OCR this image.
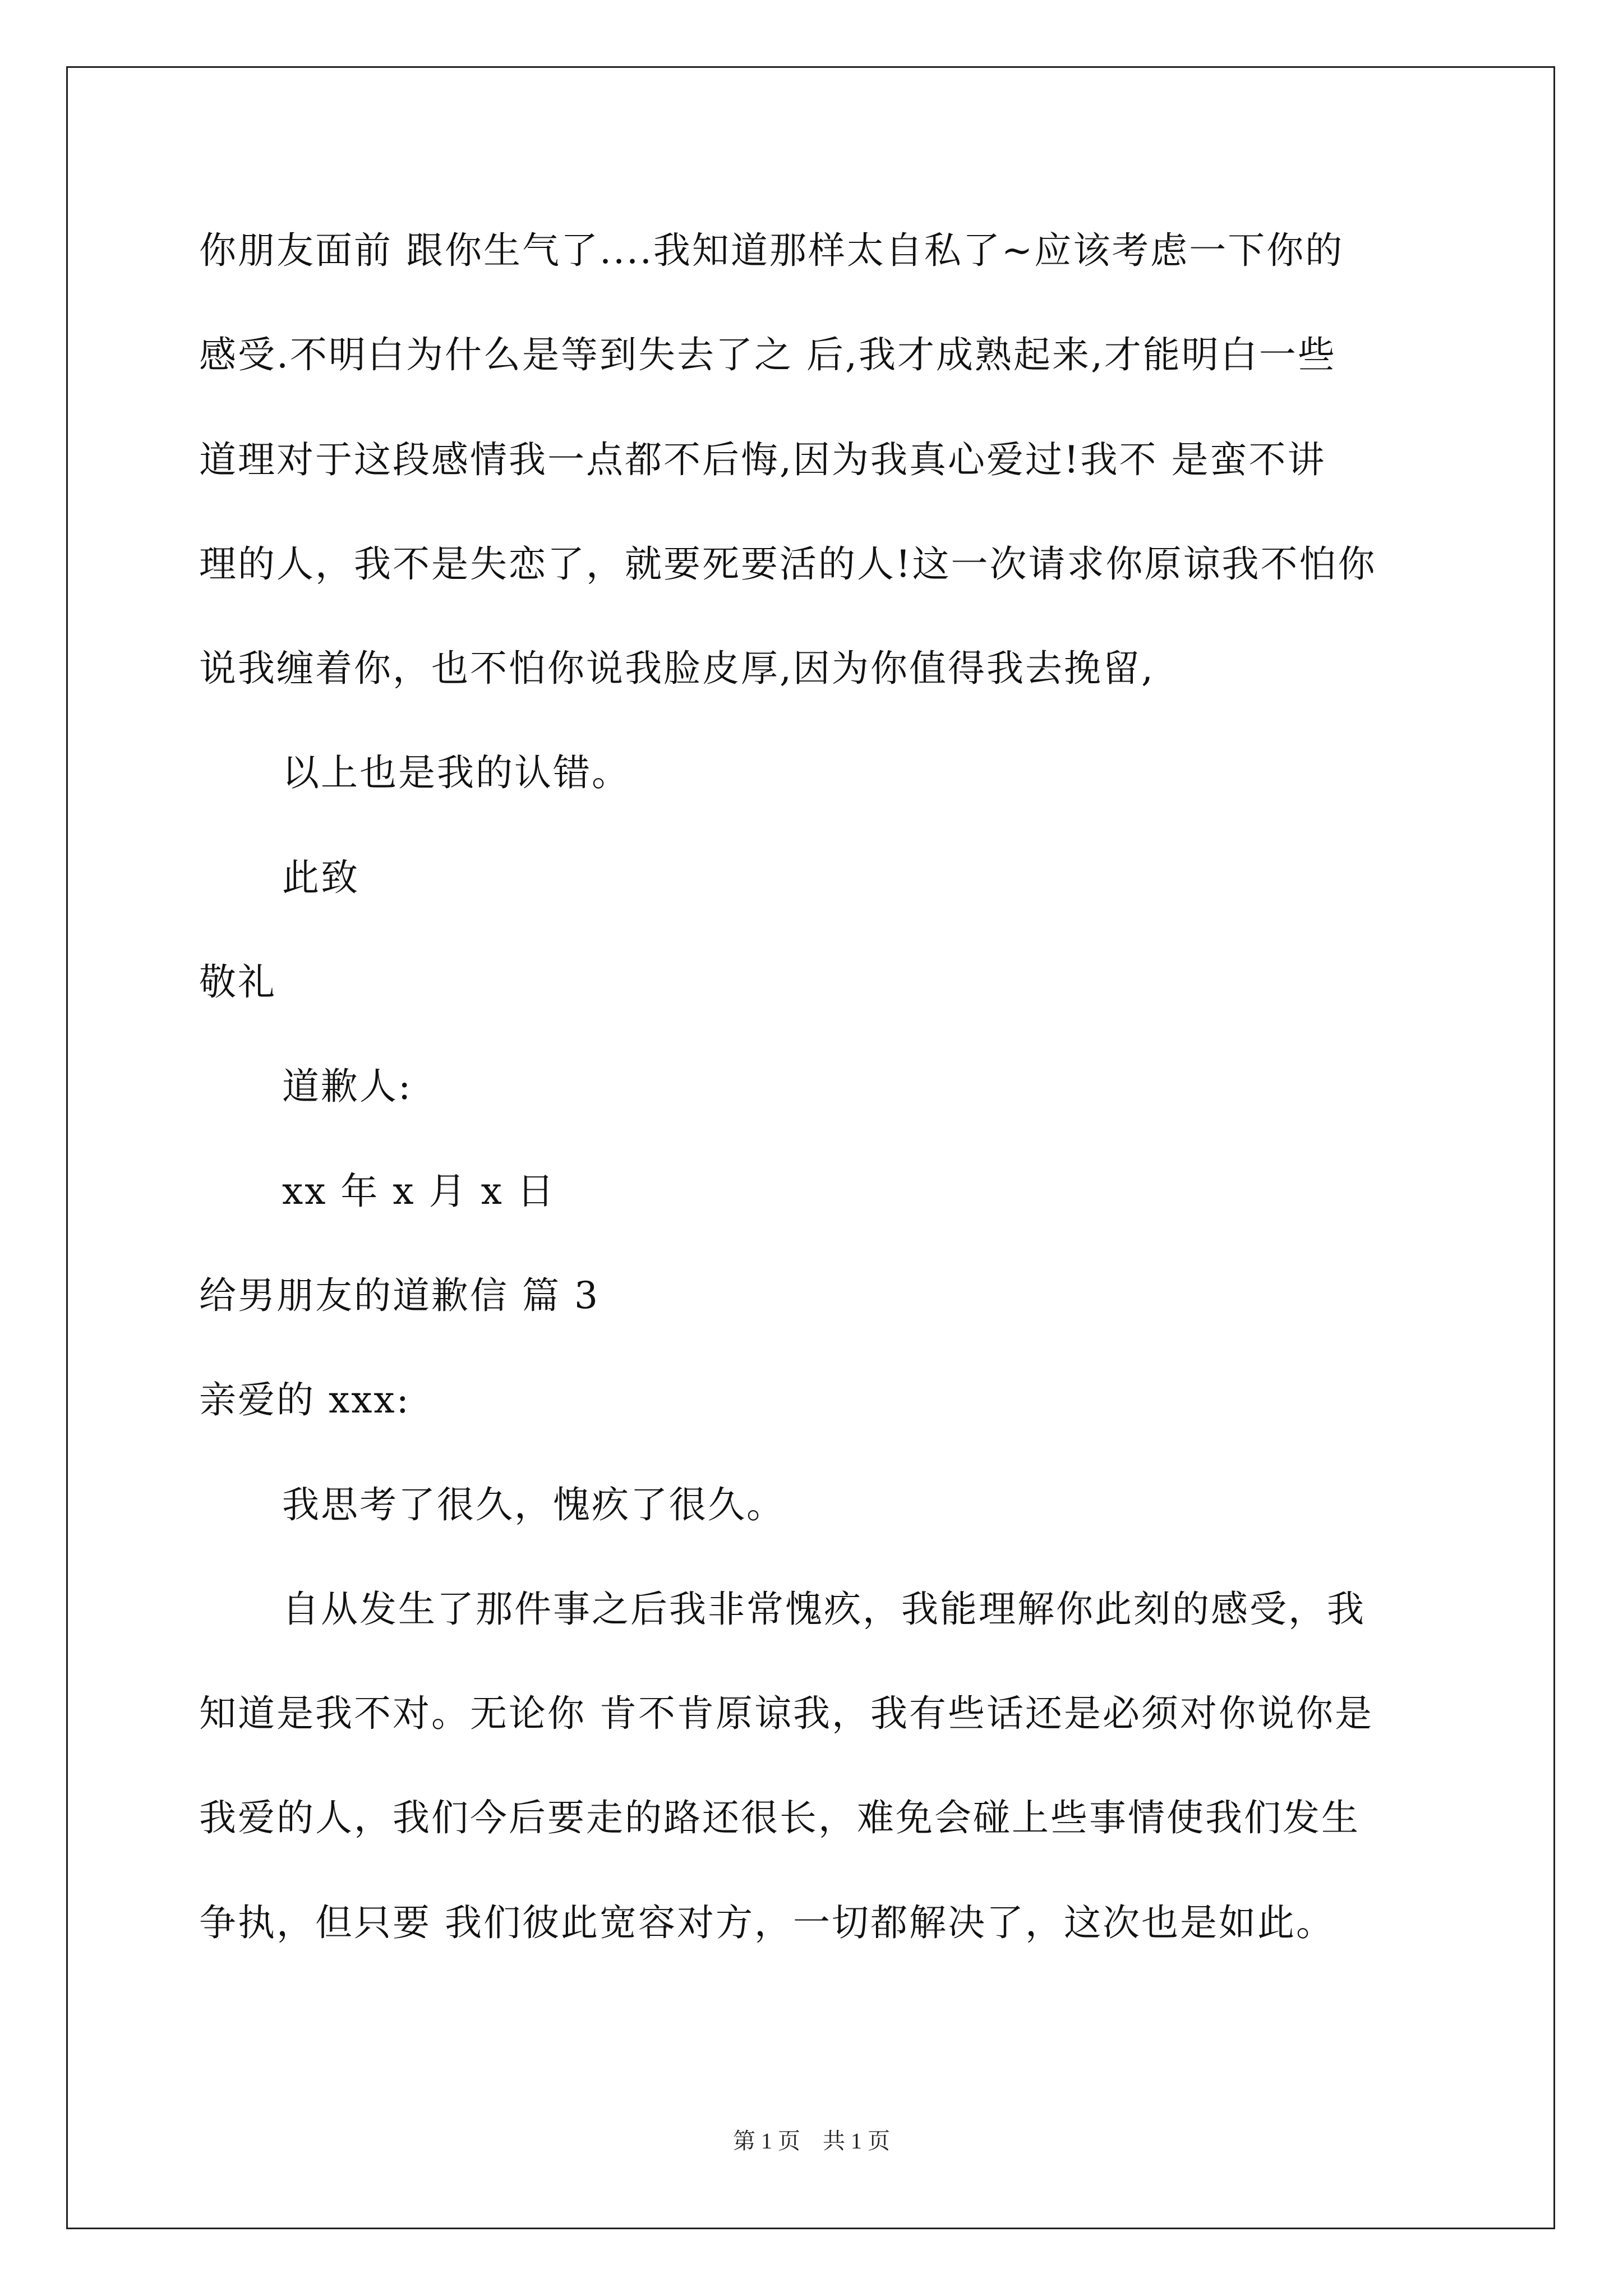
你朋友面前 跟你生气了....我知道那样太自私了~应该考虑一下你的
感受.不明白为什么是等到失去了之 后,我才成熟起来,才能明白一些
道理对于这段感情我一点都不后悔,因为我真心爱过!我不 是蛮不讲
理的人，我不是失恋了，就要死要活的人!这一次请求你原谅我不怕你
说我缠着你，也不怕你说我脸皮厚,因为你值得我去挽留,
以上也是我的认错。
此致
敬礼
道歉人:
xx 年 x 月 x 日
给男朋友的道歉信 篇 3
亲爱的 xxx:
我思考了很久，愧疚了很久。
自从发生了那件事之后我非常愧疚，我能理解你此刻的感受，我
知道是我不对。无论你 肯不肯原谅我，我有些话还是必须对你说你是
我爱的人，我们今后要走的路还很长，难免会碰上些事情使我们发生
争执，但只要 我们彼此宽容对方，一切都解决了，这次也是如此。
第 1 页 共 1 页
